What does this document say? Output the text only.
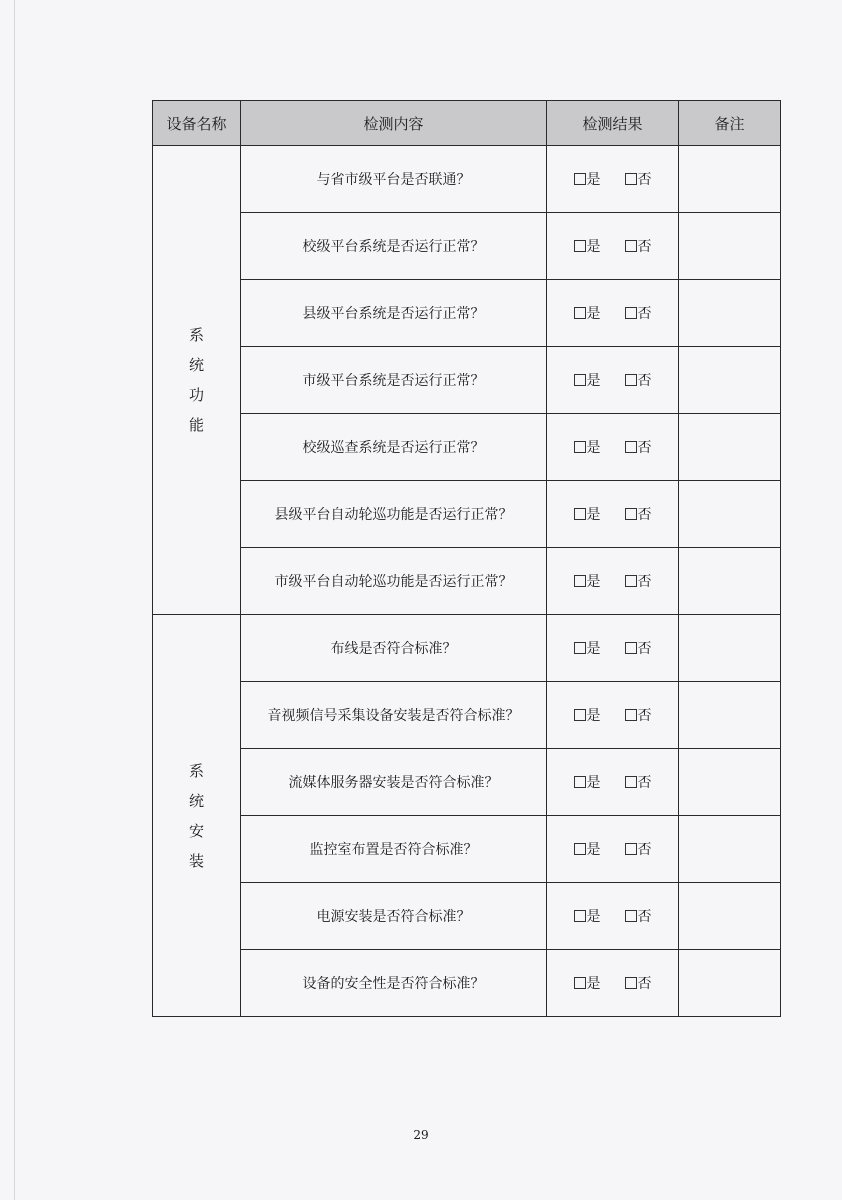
设备名称	检测内容	检测结果	备注

系
统
功
能	与省市级平台是否联通？	是 否	
	校级平台系统是否运行正常？	是 否	
	县级平台系统是否运行正常？	是 否	
	市级平台系统是否运行正常？	是 否	
	校级巡查系统是否运行正常？	是 否	
	县级平台自动轮巡功能是否运行正常？	是 否	
	市级平台自动轮巡功能是否运行正常？	是 否	

系
统
安
装	布线是否符合标准？	是 否	
	音视频信号采集设备安装是否符合标准？	是 否	
	流媒体服务器安装是否符合标准？	是 否	
	监控室布置是否符合标准？	是 否	
	电源安装是否符合标准？	是 否	
	设备的安全性是否符合标准？	是 否	
29
